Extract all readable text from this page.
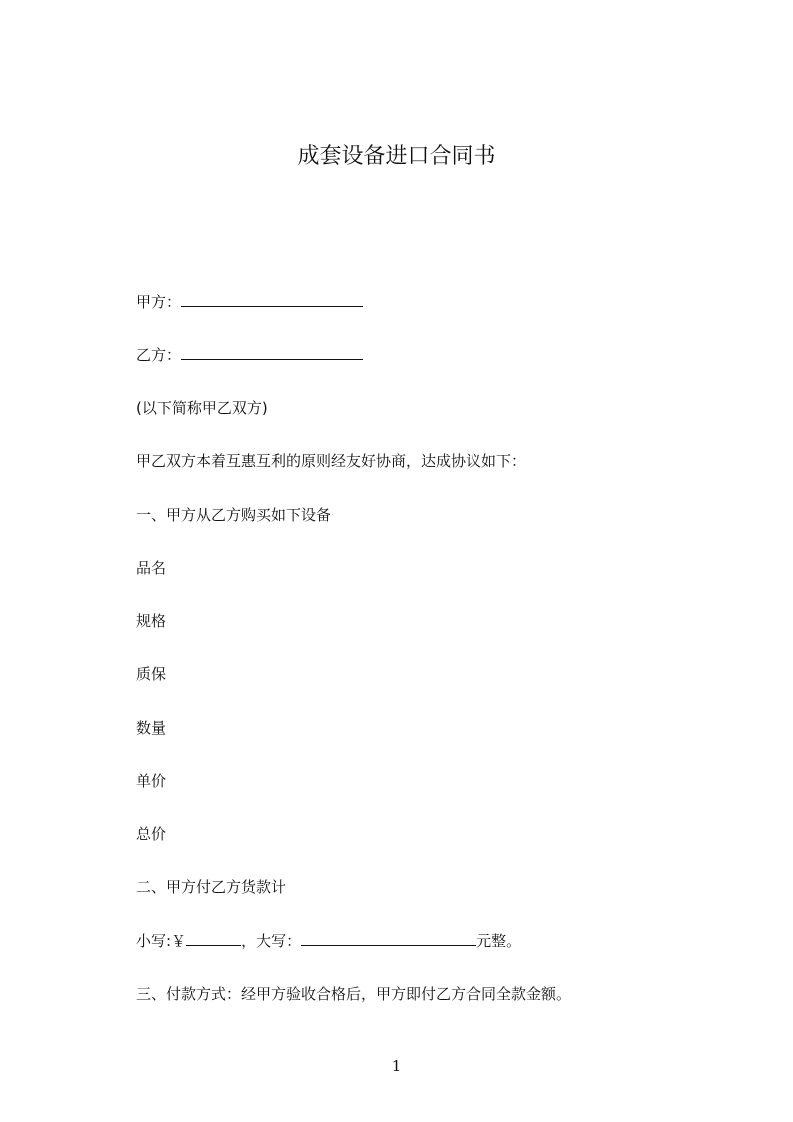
成套设备进口合同书
甲方：
乙方：
(以下简称甲乙双方)
甲乙双方本着互惠互利的原则经友好协商，达成协议如下：
一、甲方从乙方购买如下设备
品名
规格
质保
数量
单价
总价
二、甲方付乙方货款计
小写:￥	，大写：	元整。
三、付款方式：经甲方验收合格后，甲方即付乙方合同全款金额。
1
